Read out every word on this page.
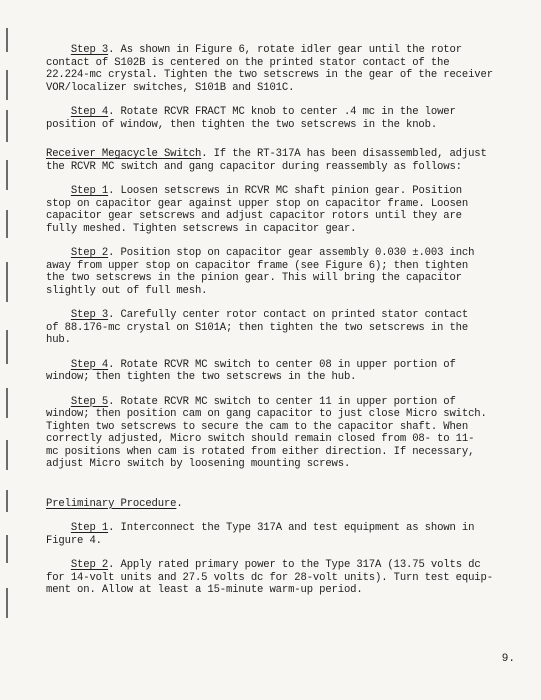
Step 3. As shown in Figure 6, rotate idler gear until the rotor

contact of S102B is centered on the printed stator contact of the

22.224-mc crystal. Tighten the two setscrews in the gear of the receiver

VOR/localizer switches, S101B and S101C.

Step 4. Rotate RCVR FRACT MC knob to center .4 mc in the lower

position of window, then tighten the two setscrews in the knob.

Receiver Megacycle Switch. If the RT-317A has been disassembled, adjust

the RCVR MC switch and gang capacitor during reassembly as follows:

Step 1. Loosen setscrews in RCVR MC shaft pinion gear. Position

stop on capacitor gear against upper stop on capacitor frame. Loosen

capacitor gear setscrews and adjust capacitor rotors until they are

fully meshed. Tighten setscrews in capacitor gear.

Step 2. Position stop on capacitor gear assembly 0.030 ±.003 inch

away from upper stop on capacitor frame (see Figure 6); then tighten

the two setscrews in the pinion gear. This will bring the capacitor

slightly out of full mesh.

Step 3. Carefully center rotor contact on printed stator contact

of 88.176-mc crystal on S101A; then tighten the two setscrews in the

hub.

Step 4. Rotate RCVR MC switch to center 08 in upper portion of

window; then tighten the two setscrews in the hub.

Step 5. Rotate RCVR MC switch to center 11 in upper portion of

window; then position cam on gang capacitor to just close Micro switch.

Tighten two setscrews to secure the cam to the capacitor shaft. When

correctly adjusted, Micro switch should remain closed from 08- to 11-

mc positions when cam is rotated from either direction. If necessary,

adjust Micro switch by loosening mounting screws.

Preliminary Procedure.

Step 1. Interconnect the Type 317A and test equipment as shown in

Figure 4.

Step 2. Apply rated primary power to the Type 317A (13.75 volts dc

for 14-volt units and 27.5 volts dc for 28-volt units). Turn test equip-

ment on. Allow at least a 15-minute warm-up period.

9.
